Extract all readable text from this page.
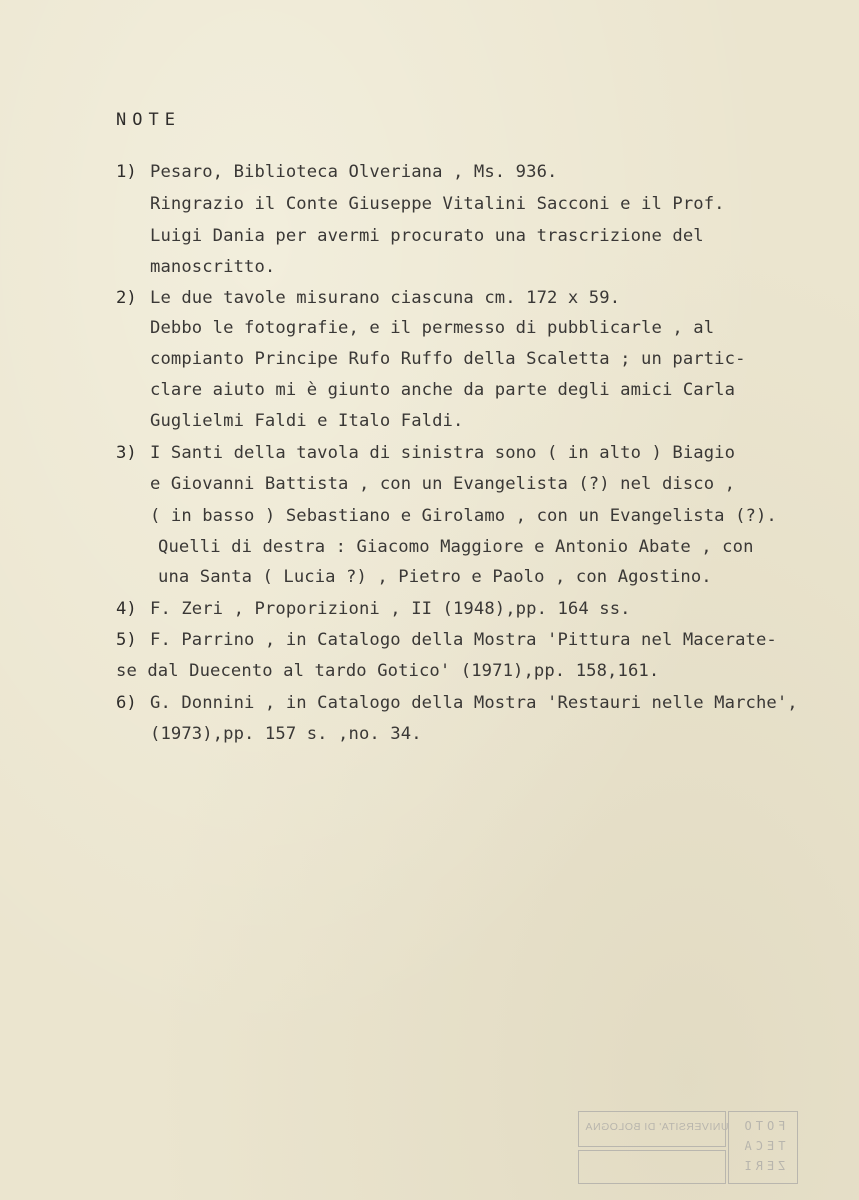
NOTE
1) Pesaro, Biblioteca Olveriana , Ms. 936.
Ringrazio il Conte Giuseppe Vitalini Sacconi e il Prof.
Luigi Dania per avermi procurato una trascrizione del
manoscritto.
2) Le due tavole misurano ciascuna cm. 172 x 59.
Debbo le fotografie, e il permesso di pubblicarle , al
compianto Principe Rufo Ruffo della Scaletta ; un partic-
clare aiuto mi è giunto anche da parte degli amici Carla
Guglielmi Faldi e Italo Faldi.
3) I Santi della tavola di sinistra sono ( in alto ) Biagio
e Giovanni Battista , con un Evangelista (?) nel disco ,
( in basso ) Sebastiano e Girolamo , con un Evangelista (?).
Quelli di destra : Giacomo Maggiore e Antonio Abate , con
una Santa ( Lucia ?) , Pietro e Paolo , con Agostino.
4) F. Zeri , Proporizioni , II (1948),pp. 164 ss.
5) F. Parrino , in Catalogo della Mostra 'Pittura nel Macerate-
se dal Duecento al tardo Gotico' (1971),pp. 158,161.
6) G. Donnini , in Catalogo della Mostra 'Restauri nelle Marche',
(1973),pp. 157 s. ,no. 34.
UNIVERSITA' DI BOLOGNA	FOTO
TECA
ZERI
